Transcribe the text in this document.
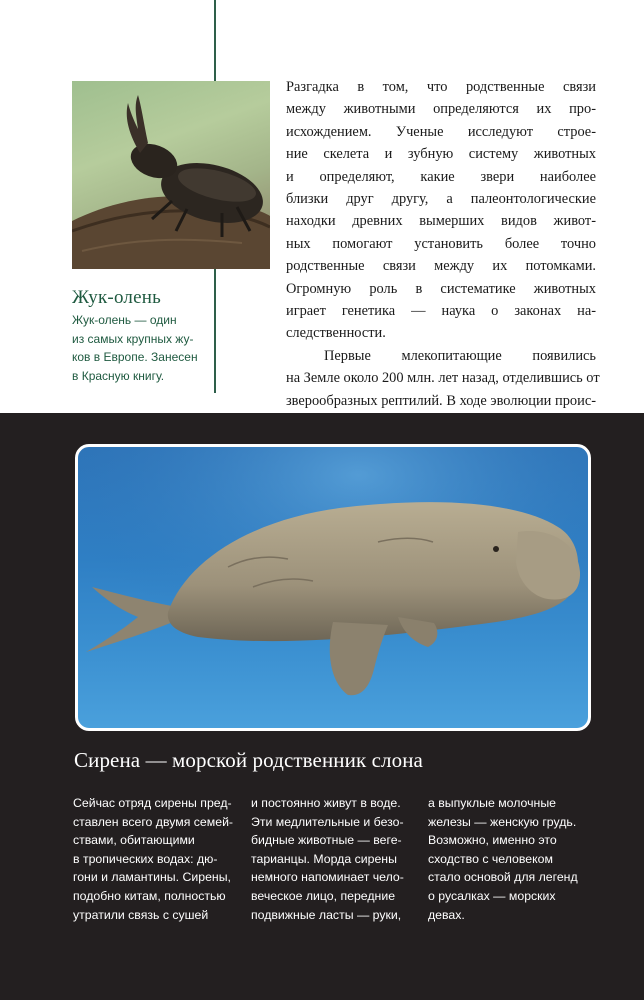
Жук-олень
Жук-олень — один
из самых крупных жу-
ков в Европе. Занесен
в Красную книгу.
Разгадка в том, что родственные связи
между животными определяются их про-
исхождением. Ученые исследуют строе-
ние скелета и зубную систему животных
и определяют, какие звери наиболее
близки друг другу, а палеонтологические
находки древних вымерших видов живот-
ных помогают установить более точно
родственные связи между их потомками.
Огромную роль в систематике животных
играет генетика — наука о законах на-
следственности.
Первые млекопитающие появились
на Земле около 200 млн. лет назад, отделившись от
зверообразных рептилий. В ходе эволюции проис-
Сирена — морской родственник слона
Сейчас отряд сирены пред-
ставлен всего двумя семей-
ствами, обитающими
в тропических водах: дю-
гони и ламантины. Сирены,
подобно китам, полностью
утратили связь с сушей
и постоянно живут в воде.
Эти медлительные и безо-
бидные животные — веге-
тарианцы. Морда сирены
немного напоминает чело-
веческое лицо, передние
подвижные ласты — руки,
а выпуклые молочные
железы — женскую грудь.
Возможно, именно это
сходство с человеком
стало основой для легенд
о русалках — морских
девах.
